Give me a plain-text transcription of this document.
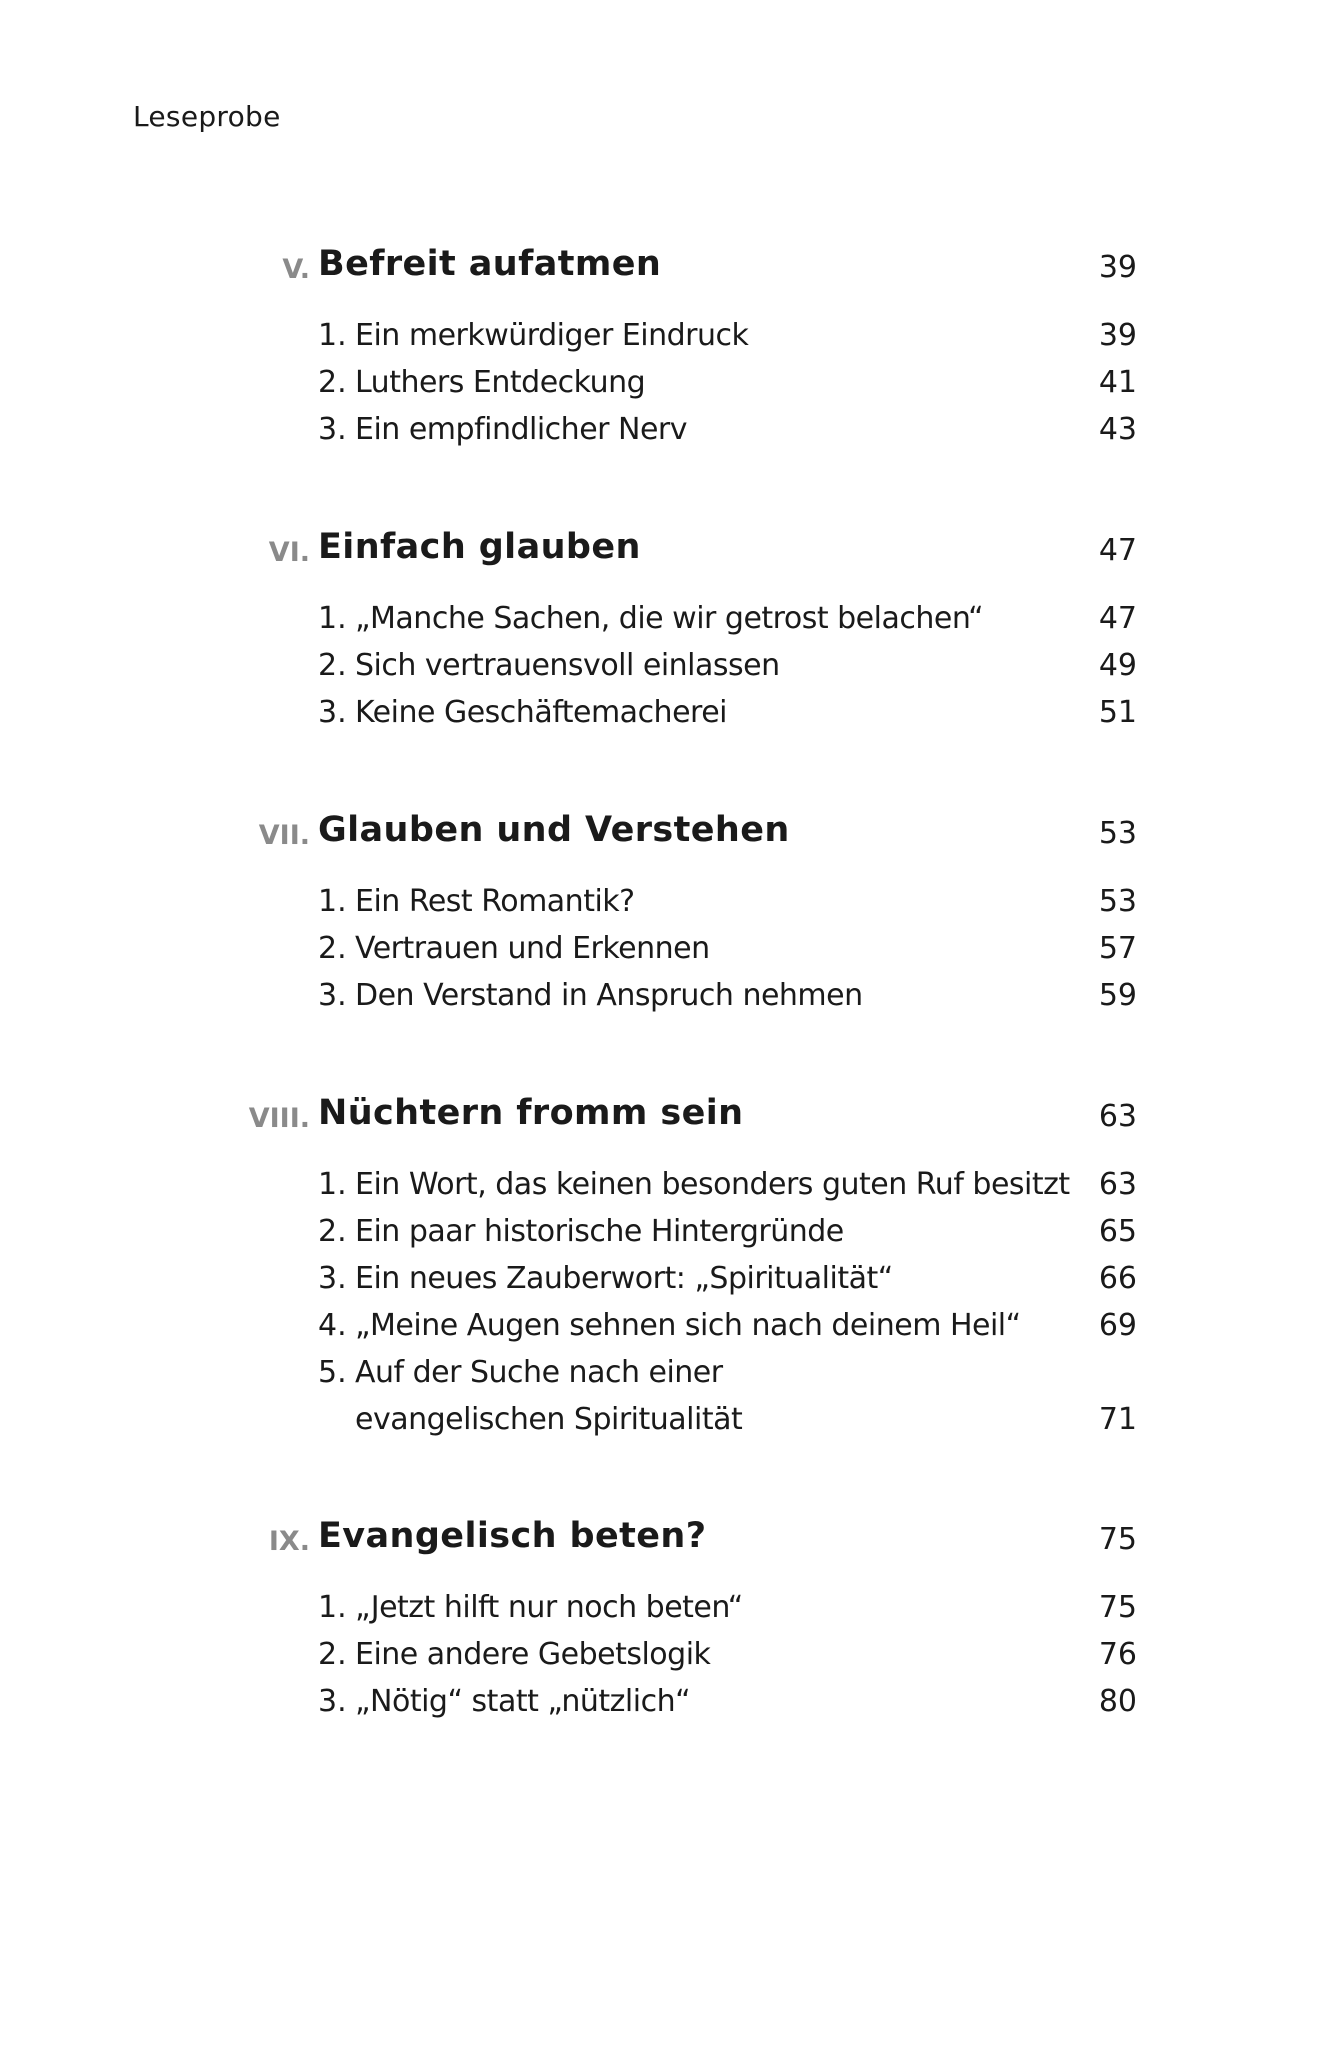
Leseprobe
V. Befreit aufatmen	39
1. Ein merkwürdiger Eindruck	39
2. Luthers Entdeckung	41
3. Ein empfindlicher Nerv	43
VI. Einfach glauben	47
1. „Manche Sachen, die wir getrost belachen“	47
2. Sich vertrauensvoll einlassen	49
3. Keine Geschäftemacherei	51
VII. Glauben und Verstehen	53
1. Ein Rest Romantik?	53
2. Vertrauen und Erkennen	57
3. Den Verstand in Anspruch nehmen	59
VIII. Nüchtern fromm sein	63
1. Ein Wort, das keinen besonders guten Ruf besitzt 63
2. Ein paar historische Hintergründe	65
3. Ein neues Zauberwort: „Spiritualität“	66
4. „Meine Augen sehnen sich nach deinem Heil“	69
5. Auf der Suche nach einer
evangelischen Spiritualität	71
IX. Evangelisch beten?	75
1. „Jetzt hilft nur noch beten“	75
2. Eine andere Gebetslogik	76
3. „Nötig“ statt „nützlich“	80
